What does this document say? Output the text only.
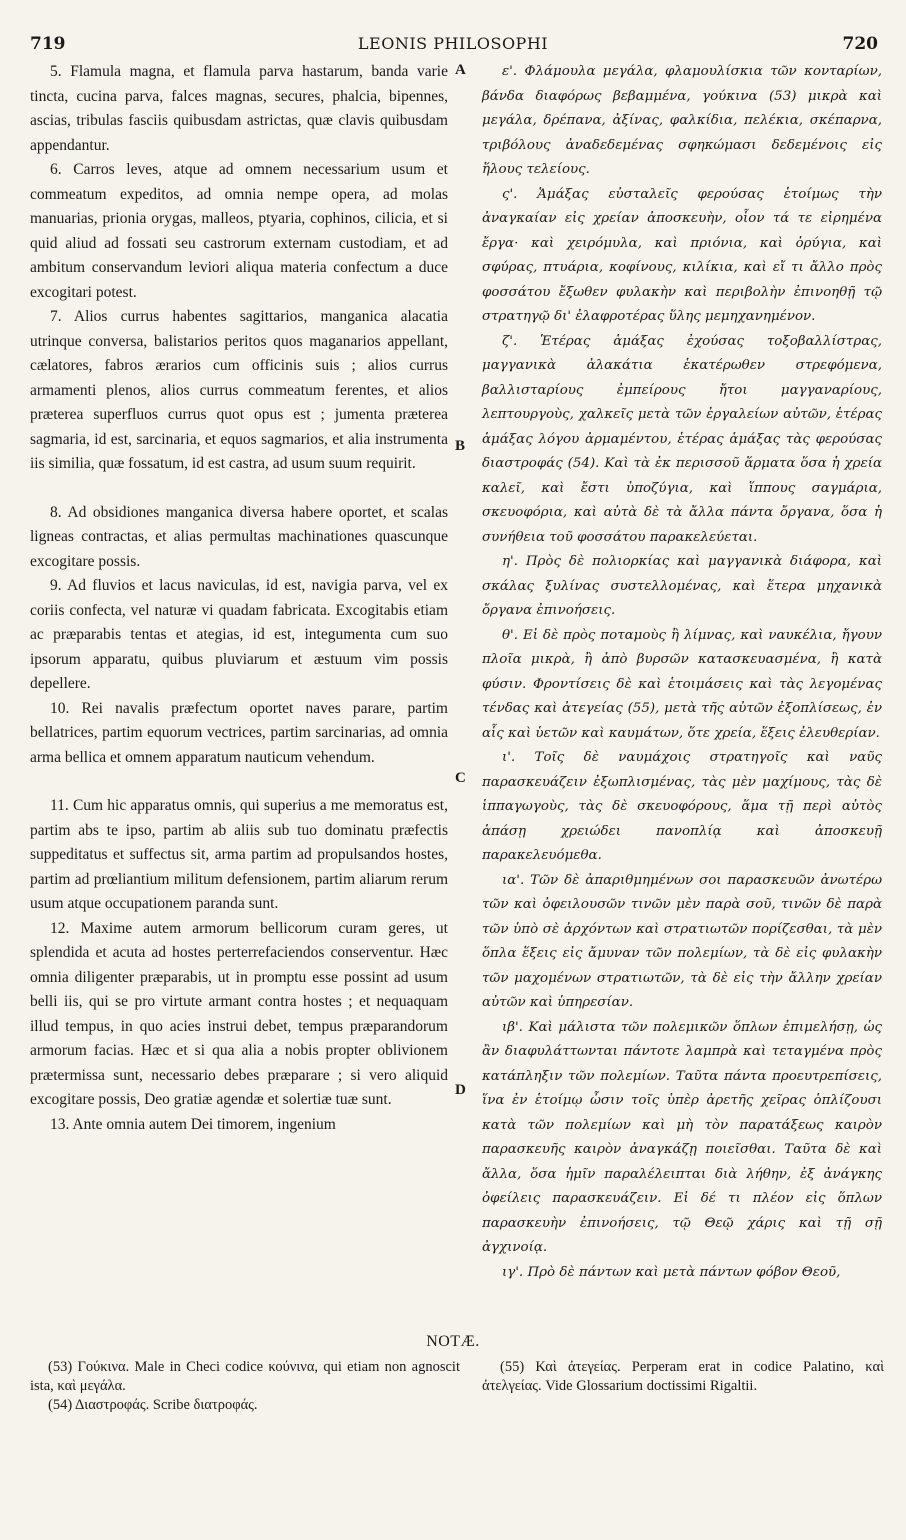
719	LEONIS PHILOSOPHI	720

5. Flamula magna, et flamula parva hastarum, banda varie tincta, cucina parva, falces magnas, secures, phalcia, bipennes, ascias, tribulas fasciis quibusdam astrictas, quæ clavis quibusdam appendantur.

6. Carros leves, atque ad omnem necessarium usum et commeatum expeditos, ad omnia nempe opera, ad molas manuarias, prionia orygas, malleos, ptyaria, cophinos, cilicia, et si quid aliud ad fossati seu castrorum externam custodiam, et ad ambitum conservandum leviori aliqua materia confectum a duce excogitari potest.

7. Alios currus habentes sagittarios, manganica alacatia utrinque conversa, balistarios peritos quos maganarios appellant, cælatores, fabros ærarios cum officinis suis ; alios currus armamenti plenos, alios currus commeatum ferentes, et alios præterea superfluos currus quot opus est ; jumenta præterea sagmaria, id est, sarcinaria, et equos sagmarios, et alia instrumenta iis similia, quæ fossatum, id est castra, ad usum suum requirit.

8. Ad obsidiones manganica diversa habere oportet, et scalas ligneas contractas, et alias permultas machinationes quascunque excogitare possis.

9. Ad fluvios et lacus naviculas, id est, navigia parva, vel ex coriis confecta, vel naturæ vi quadam fabricata. Excogitabis etiam ac præparabis tentas et ategias, id est, integumenta cum suo ipsorum apparatu, quibus pluviarum et æstuum vim possis depellere.

10. Rei navalis præfectum oportet naves parare, partim bellatrices, partim equorum vectrices, partim sarcinarias, ad omnia arma bellica et omnem apparatum nauticum vehendum.

11. Cum hic apparatus omnis, qui superius a me memoratus est, partim abs te ipso, partim ab aliis sub tuo dominatu præfectis suppeditatus et suffectus sit, arma partim ad propulsandos hostes, partim ad prœliantium militum defensionem, partim aliarum rerum usum atque occupationem paranda sunt.

12. Maxime autem armorum bellicorum curam geres, ut splendida et acuta ad hostes perterrefaciendos conserventur. Hæc omnia diligenter præparabis, ut in promptu esse possint ad usum belli iis, qui se pro virtute armant contra hostes ; et nequaquam illud tempus, in quo acies instrui debet, tempus præparandorum armorum facias. Hæc et si qua alia a nobis propter oblivionem prætermissa sunt, necessario debes præparare ; si vero aliquid excogitare possis, Deo gratiæ agendæ et solertiæ tuæ sunt.

13. Ante omnia autem Dei timorem, ingenium

A
B
C
D

ε'. Φλάμουλα μεγάλα, φλαμουλίσκια τῶν κονταρίων, βάνδα διαφόρως βεβαμμένα, γούκινα (53) μικρὰ καὶ μεγάλα, δρέπανα, ἀξίνας, φαλκίδια, πελέκια, σκέπαρνα, τριβόλους ἀναδεδεμένας σφηκώμασι δεδεμένοις εἰς ἥλους τελείους.

ς'. Ἁμάξας εὐσταλεῖς φερούσας ἑτοίμως τὴν ἀναγκαίαν εἰς χρείαν ἀποσκευὴν, οἷον τά τε εἰρημένα ἔργα· καὶ χειρόμυλα, καὶ πριόνια, καὶ ὀρύγια, καὶ σφύρας, πτυάρια, κοφίνους, κιλίκια, καὶ εἴ τι ἄλλο πρὸς φοσσάτου ἔξωθεν φυλακὴν καὶ περιβολὴν ἐπινοηθῇ τῷ στρατηγῷ δι' ἐλαφροτέρας ὕλης μεμηχανημένον.

ζ'. Ἑτέρας ἁμάξας ἐχούσας τοξοβαλλίστρας, μαγγανικὰ ἀλακάτια ἑκατέρωθεν στρεφόμενα, βαλλισταρίους ἐμπείρους ἤτοι μαγγαναρίους, λεπτουργοὺς, χαλκεῖς μετὰ τῶν ἐργαλείων αὐτῶν, ἑτέρας ἁμάξας λόγου ἀρμαμέντου, ἑτέρας ἁμάξας τὰς φερούσας διαστροφάς (54). Καὶ τὰ ἐκ περισσοῦ ἅρματα ὅσα ἡ χρεία καλεῖ, καὶ ἔστι ὑποζύγια, καὶ ἵππους σαγμάρια, σκευοφόρια, καὶ αὐτὰ δὲ τὰ ἄλλα πάντα ὄργανα, ὅσα ἡ συνήθεια τοῦ φοσσάτου παρακελεύεται.

η'. Πρὸς δὲ πολιορκίας καὶ μαγγανικὰ διάφορα, καὶ σκάλας ξυλίνας συστελλομένας, καὶ ἕτερα μηχανικὰ ὄργανα ἐπινοήσεις.

θ'. Εἰ δὲ πρὸς ποταμοὺς ἢ λίμνας, καὶ ναυκέλια, ἤγουν πλοῖα μικρὰ, ἢ ἀπὸ βυρσῶν κατασκευασμένα, ἢ κατὰ φύσιν. Φροντίσεις δὲ καὶ ἑτοιμάσεις καὶ τὰς λεγομένας τένδας καὶ ἀτεγείας (55), μετὰ τῆς αὐτῶν ἐξοπλίσεως, ἐν αἷς καὶ ὑετῶν καὶ καυμάτων, ὅτε χρεία, ἕξεις ἐλευθερίαν.

ι'. Τοῖς δὲ ναυμάχοις στρατηγοῖς καὶ ναῦς παρασκευάζειν ἐξωπλισμένας, τὰς μὲν μαχίμους, τὰς δὲ ἱππαγωγοὺς, τὰς δὲ σκευοφόρους, ἅμα τῇ περὶ αὐτὸς ἁπάσῃ χρειώδει πανοπλίᾳ καὶ ἀποσκευῇ παρακελευόμεθα.

ια'. Τῶν δὲ ἀπαριθμημένων σοι παρασκευῶν ἀνωτέρω τῶν καὶ ὀφειλουσῶν τινῶν μὲν παρὰ σοῦ, τινῶν δὲ παρὰ τῶν ὑπὸ σὲ ἀρχόντων καὶ στρατιωτῶν πορίζεσθαι, τὰ μὲν ὅπλα ἕξεις εἰς ἄμυναν τῶν πολεμίων, τὰ δὲ εἰς φυλακὴν τῶν μαχομένων στρατιωτῶν, τὰ δὲ εἰς τὴν ἄλλην χρείαν αὐτῶν καὶ ὑπηρεσίαν.

ιβ'. Καὶ μάλιστα τῶν πολεμικῶν ὅπλων ἐπιμελήσῃ, ὡς ἂν διαφυλάττωνται πάντοτε λαμπρὰ καὶ τεταγμένα πρὸς κατάπληξιν τῶν πολεμίων. Ταῦτα πάντα προευτρεπίσεις, ἵνα ἐν ἑτοίμῳ ὦσιν τοῖς ὑπὲρ ἀρετῆς χεῖρας ὁπλίζουσι κατὰ τῶν πολεμίων καὶ μὴ τὸν παρατάξεως καιρὸν παρασκευῆς καιρὸν ἀναγκάζῃ ποιεῖσθαι. Ταῦτα δὲ καὶ ἄλλα, ὅσα ἡμῖν παραλέλειπται διὰ λήθην, ἐξ ἀνάγκης ὀφείλεις παρασκευάζειν. Εἰ δέ τι πλέον εἰς ὅπλων παρασκευὴν ἐπινοήσεις, τῷ Θεῷ χάρις καὶ τῇ σῇ ἀγχινοίᾳ.

ιγ'. Πρὸ δὲ πάντων καὶ μετὰ πάντων φόβον Θεοῦ,

NOTÆ.

(53) Γούκινα. Male in Checi codice κούνινα, qui etiam non agnoscit ista, καὶ μεγάλα.

(54) Διαστροφάς. Scribe διατροφάς.

(55) Καὶ ἀτεγείας. Perperam erat in codice Palatino, καὶ ἀτελγείας. Vide Glossarium doctissimi Rigaltii.
